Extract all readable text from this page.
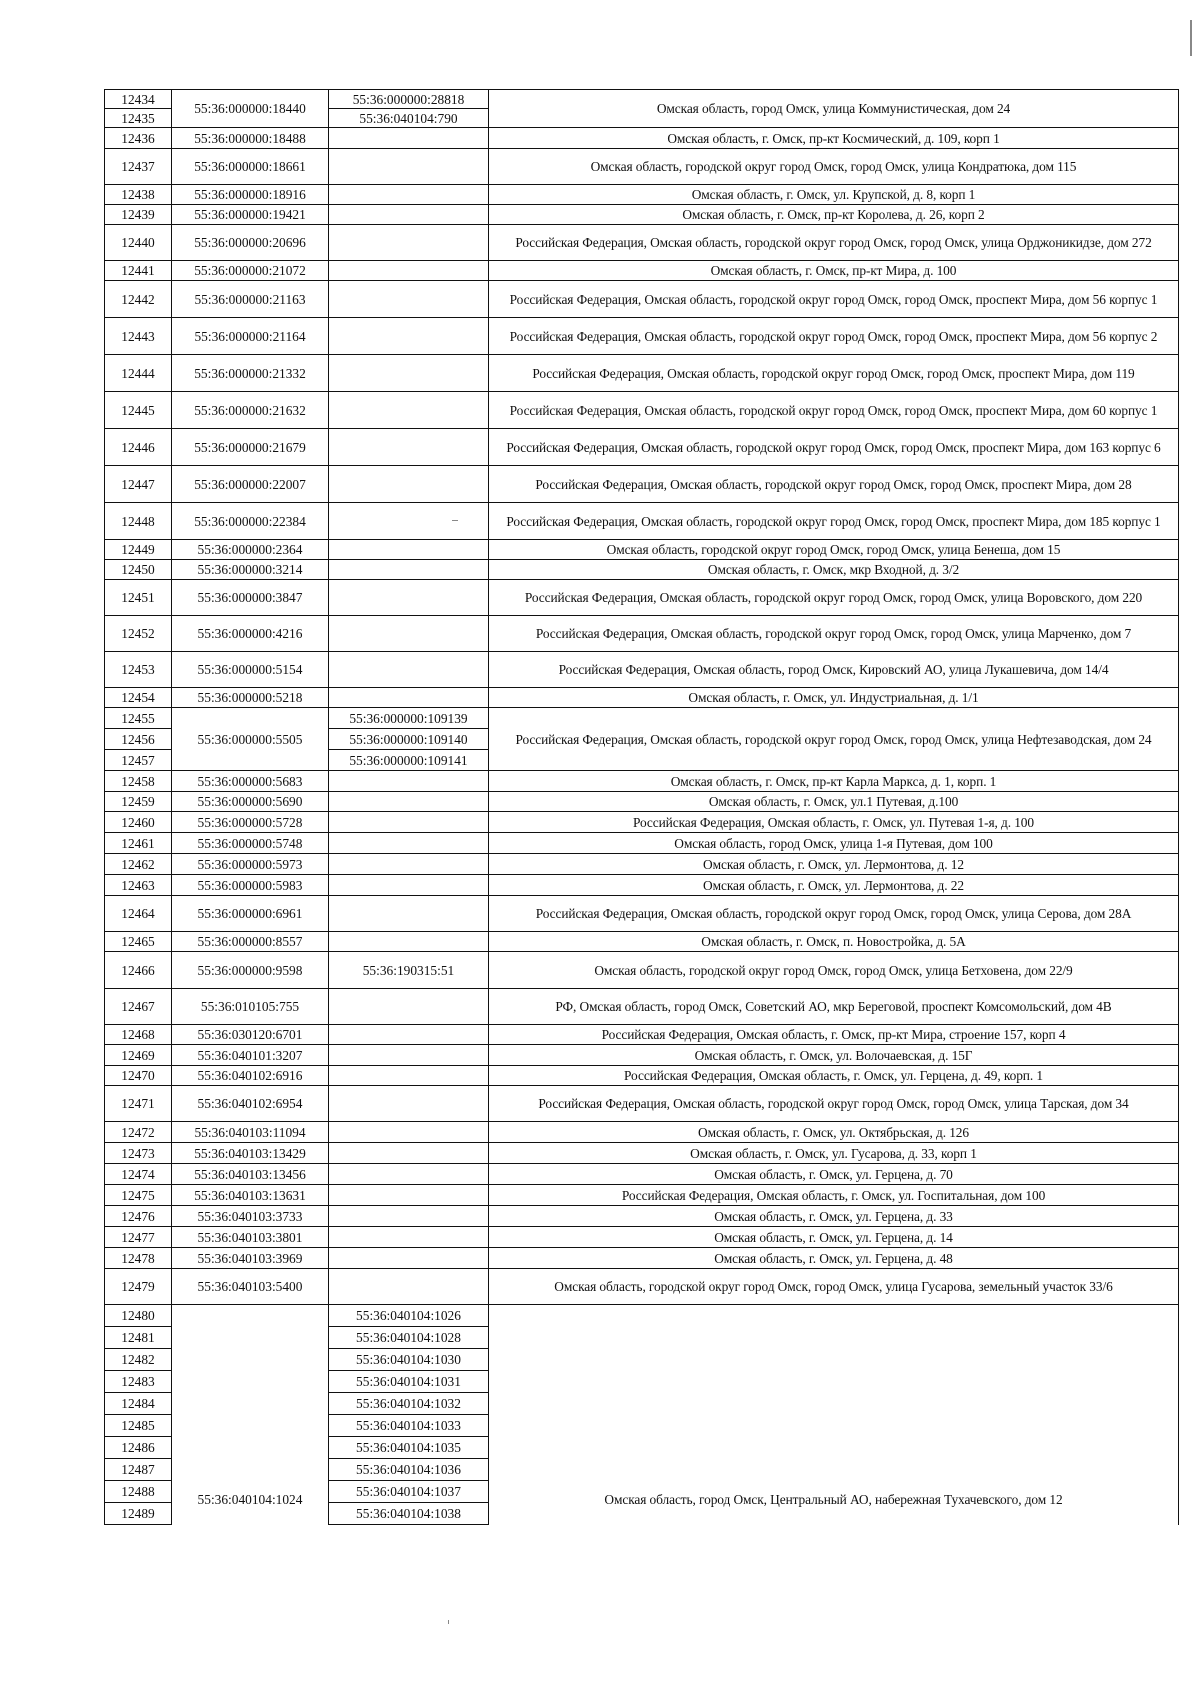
12434	55:36:000000:18440	55:36:000000:28818	Омская область, город Омск, улица Коммунистическая, дом 24
12435		55:36:040104:790	
12436	55:36:000000:18488		Омская область, г. Омск, пр-кт Космический, д. 109, корп 1
12437	55:36:000000:18661		Омская область, городской округ город Омск, город Омск, улица Кондратюка, дом 115
12438	55:36:000000:18916		Омская область, г. Омск, ул. Крупской, д. 8, корп 1
12439	55:36:000000:19421		Омская область, г. Омск, пр-кт Королева, д. 26, корп 2
12440	55:36:000000:20696		Российская Федерация, Омская область, городской округ город Омск, город Омск, улица Орджоникидзе, дом 272
12441	55:36:000000:21072		Омская область, г. Омск, пр-кт Мира, д. 100
12442	55:36:000000:21163		Российская Федерация, Омская область, городской округ город Омск, город Омск, проспект Мира, дом 56 корпус 1
12443	55:36:000000:21164		Российская Федерация, Омская область, городской округ город Омск, город Омск, проспект Мира, дом 56 корпус 2
12444	55:36:000000:21332		Российская Федерация, Омская область, городской округ город Омск, город Омск, проспект Мира, дом 119
12445	55:36:000000:21632		Российская Федерация, Омская область, городской округ город Омск, город Омск, проспект Мира, дом 60 корпус 1
12446	55:36:000000:21679		Российская Федерация, Омская область, городской округ город Омск, город Омск, проспект Мира, дом 163 корпус 6
12447	55:36:000000:22007		Российская Федерация, Омская область, городской округ город Омск, город Омск, проспект Мира, дом 28
12448	55:36:000000:22384		Российская Федерация, Омская область, городской округ город Омск, город Омск, проспект Мира, дом 185 корпус 1
12449	55:36:000000:2364		Омская область, городской округ город Омск, город Омск, улица Бенеша, дом 15
12450	55:36:000000:3214		Омская область, г. Омск, мкр Входной, д. 3/2
12451	55:36:000000:3847		Российская Федерация, Омская область, городской округ город Омск, город Омск, улица Воровского, дом 220
12452	55:36:000000:4216		Российская Федерация, Омская область, городской округ город Омск, город Омск, улица Марченко, дом 7
12453	55:36:000000:5154		Российская Федерация, Омская область, город Омск, Кировский АО, улица Лукашевича, дом 14/4
12454	55:36:000000:5218		Омская область, г. Омск, ул. Индустриальная, д. 1/1
12455	55:36:000000:5505	55:36:000000:109139	Российская Федерация, Омская область, городской округ город Омск, город Омск, улица Нефтезаводская, дом 24
12456		55:36:000000:109140	
12457		55:36:000000:109141	
12458	55:36:000000:5683		Омская область, г. Омск, пр-кт Карла Маркса, д. 1, корп. 1
12459	55:36:000000:5690		Омская область, г. Омск, ул.1 Путевая, д.100
12460	55:36:000000:5728		Российская Федерация, Омская область, г. Омск, ул. Путевая 1-я, д. 100
12461	55:36:000000:5748		Омская область, город Омск, улица 1-я Путевая, дом 100
12462	55:36:000000:5973		Омская область, г. Омск, ул. Лермонтова, д. 12
12463	55:36:000000:5983		Омская область, г. Омск, ул. Лермонтова, д. 22
12464	55:36:000000:6961		Российская Федерация, Омская область, городской округ город Омск, город Омск, улица Серова, дом 28А
12465	55:36:000000:8557		Омская область, г. Омск, п. Новостройка, д. 5А
12466	55:36:000000:9598	55:36:190315:51	Омская область, городской округ город Омск, город Омск, улица Бетховена, дом 22/9
12467	55:36:010105:755		РФ, Омская область, город Омск, Советский АО, мкр Береговой, проспект Комсомольский, дом 4В
12468	55:36:030120:6701		Российская Федерация, Омская область, г. Омск, пр-кт Мира, строение 157, корп 4
12469	55:36:040101:3207		Омская область, г. Омск, ул. Волочаевская, д. 15Г
12470	55:36:040102:6916		Российская Федерация, Омская область, г. Омск, ул. Герцена, д. 49, корп. 1
12471	55:36:040102:6954		Российская Федерация, Омская область, городской округ город Омск, город Омск, улица Тарская, дом 34
12472	55:36:040103:11094		Омская область, г. Омск, ул. Октябрьская, д. 126
12473	55:36:040103:13429		Омская область, г. Омск, ул. Гусарова, д. 33, корп 1
12474	55:36:040103:13456		Омская область, г. Омск, ул. Герцена, д. 70
12475	55:36:040103:13631		Российская Федерация, Омская область, г. Омск, ул. Госпитальная, дом 100
12476	55:36:040103:3733		Омская область, г. Омск, ул. Герцена, д. 33
12477	55:36:040103:3801		Омская область, г. Омск, ул. Герцена, д. 14
12478	55:36:040103:3969		Омская область, г. Омск, ул. Герцена, д. 48
12479	55:36:040103:5400		Омская область, городской округ город Омск, город Омск, улица Гусарова, земельный участок 33/6
12480	55:36:040104:1024	55:36:040104:1026	Омская область, город Омск, Центральный АО, набережная Тухачевского, дом 12
12481		55:36:040104:1028	
12482		55:36:040104:1030	
12483		55:36:040104:1031	
12484		55:36:040104:1032	
12485		55:36:040104:1033	
12486		55:36:040104:1035	
12487		55:36:040104:1036	
12488		55:36:040104:1037	
12489		55:36:040104:1038	
